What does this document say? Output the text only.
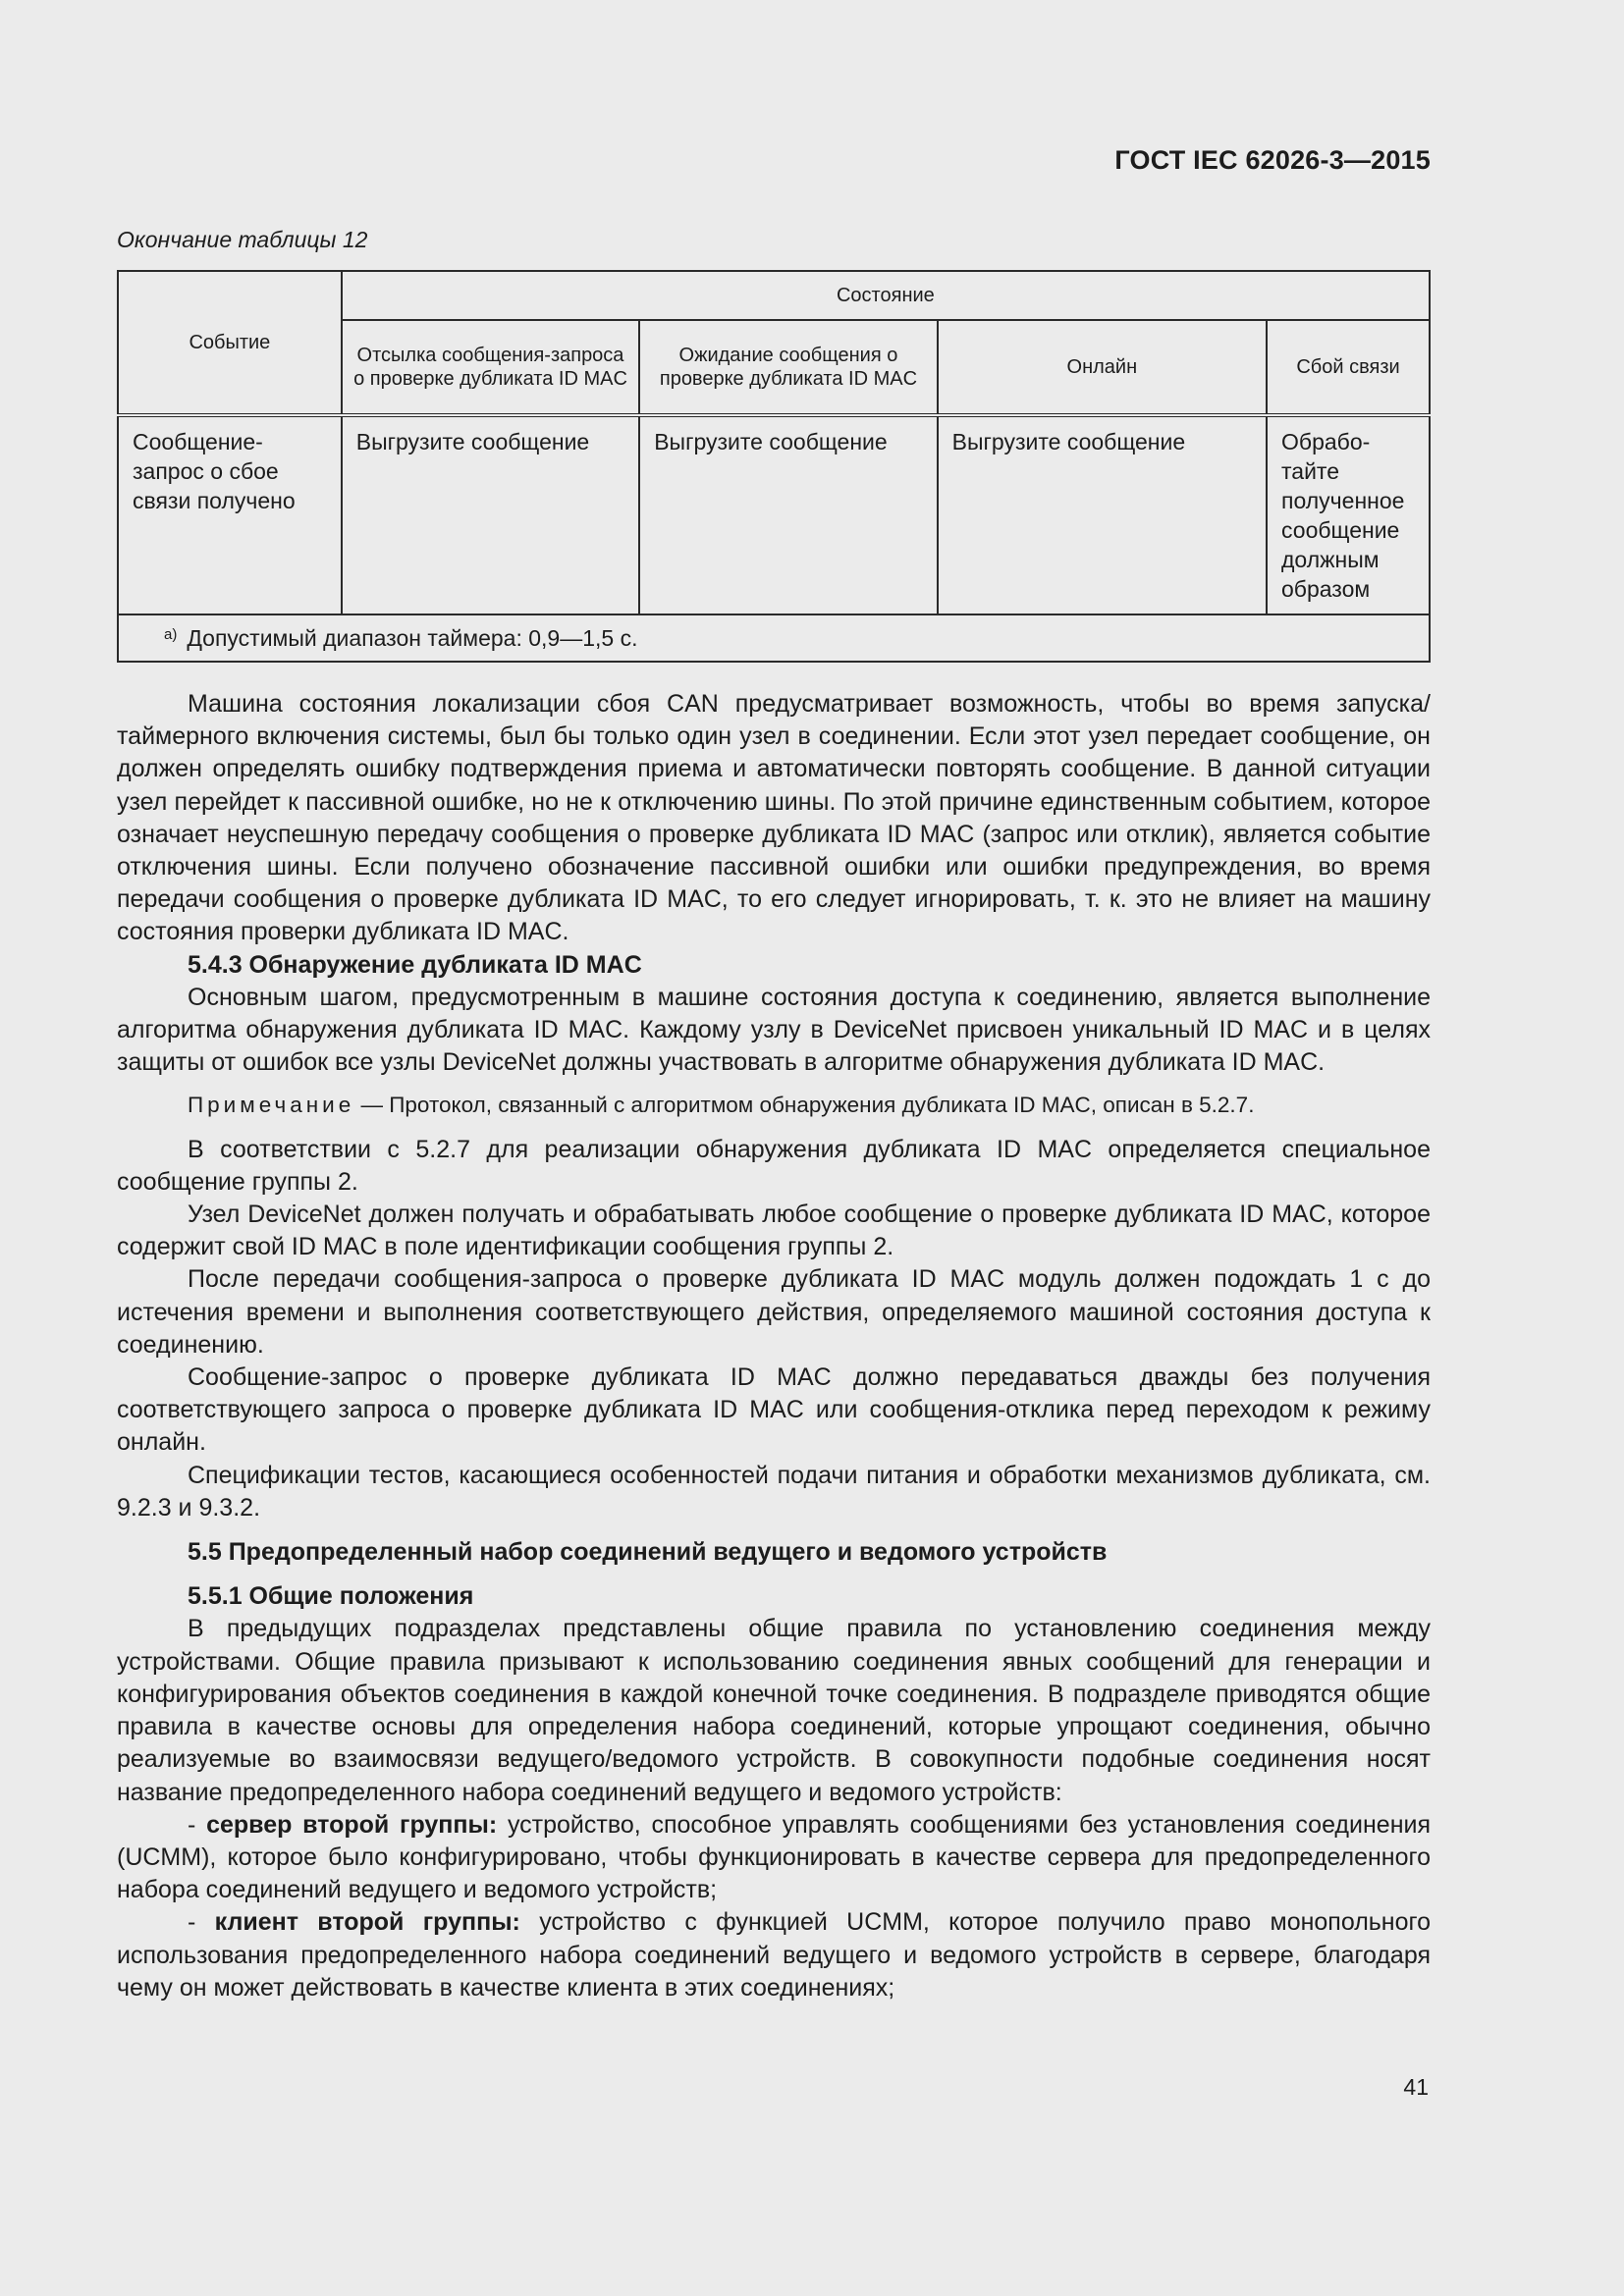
ГОСТ IEC 62026-3—2015
Окончание таблицы 12
Событие	Состояние			
	Отсылка сообщения-запроса о проверке дубликата ID MAC	Ожидание сообщения о проверке дубликата ID MAC	Онлайн	Сбой связи
Сообщение-запрос о сбое связи получено	Выгрузите сообщение	Выгрузите сообщение	Выгрузите сообщение	Обрабо-тайте полученное сообщение должным образом
$^{а)}$ Допустимый диапазон таймера: 0,9—1,5 с.				

Машина состояния локализации сбоя CAN предусматривает возможность, чтобы во время запуска/таймерного включения системы, был бы только один узел в соединении. Если этот узел передает сообщение, он должен определять ошибку подтверждения приема и автоматически повторять сообщение. В данной ситуации узел перейдет к пассивной ошибке, но не к отключению шины. По этой причине единственным событием, которое означает неуспешную передачу сообщения о проверке дубликата ID MAC (запрос или отклик), является событие отключения шины. Если получено обозначение пассивной ошибки или ошибки предупреждения, во время передачи сообщения о проверке дубликата ID MAC, то его следует игнорировать, т. к. это не влияет на машину состояния проверки дубликата ID MAC.

5.4.3 Обнаружение дубликата ID MAC

Основным шагом, предусмотренным в машине состояния доступа к соединению, является выполнение алгоритма обнаружения дубликата ID MAC. Каждому узлу в DeviceNet присвоен уникальный ID MAC и в целях защиты от ошибок все узлы DeviceNet должны участвовать в алгоритме обнаружения дубликата ID MAC.

Примечание — Протокол, связанный с алгоритмом обнаружения дубликата ID MAC, описан в 5.2.7.

В соответствии с 5.2.7 для реализации обнаружения дубликата ID MAC определяется специальное сообщение группы 2.

Узел DeviceNet должен получать и обрабатывать любое сообщение о проверке дубликата ID MAC, которое содержит свой ID MAC в поле идентификации сообщения группы 2.

После передачи сообщения-запроса о проверке дубликата ID MAC модуль должен подождать 1 с до истечения времени и выполнения соответствующего действия, определяемого машиной состояния доступа к соединению.

Сообщение-запрос о проверке дубликата ID MAC должно передаваться дважды без получения соответствующего запроса о проверке дубликата ID MAC или сообщения-отклика перед переходом к режиму онлайн.

Спецификации тестов, касающиеся особенностей подачи питания и обработки механизмов дубликата, см. 9.2.3 и 9.3.2.

5.5 Предопределенный набор соединений ведущего и ведомого устройств
5.5.1 Общие положения

В предыдущих подразделах представлены общие правила по установлению соединения между устройствами. Общие правила призывают к использованию соединения явных сообщений для генерации и конфигурирования объектов соединения в каждой конечной точке соединения. В подразделе приводятся общие правила в качестве основы для определения набора соединений, которые упрощают соединения, обычно реализуемые во взаимосвязи ведущего/ведомого устройств. В совокупности подобные соединения носят название предопределенного набора соединений ведущего и ведомого устройств:

- сервер второй группы: устройство, способное управлять сообщениями без установления соединения (UCMM), которое было конфигурировано, чтобы функционировать в качестве сервера для предопределенного набора соединений ведущего и ведомого устройств;

- клиент второй группы: устройство с функцией UCMM, которое получило право монопольного использования предопределенного набора соединений ведущего и ведомого устройств в сервере, благодаря чему он может действовать в качестве клиента в этих соединениях;

41
